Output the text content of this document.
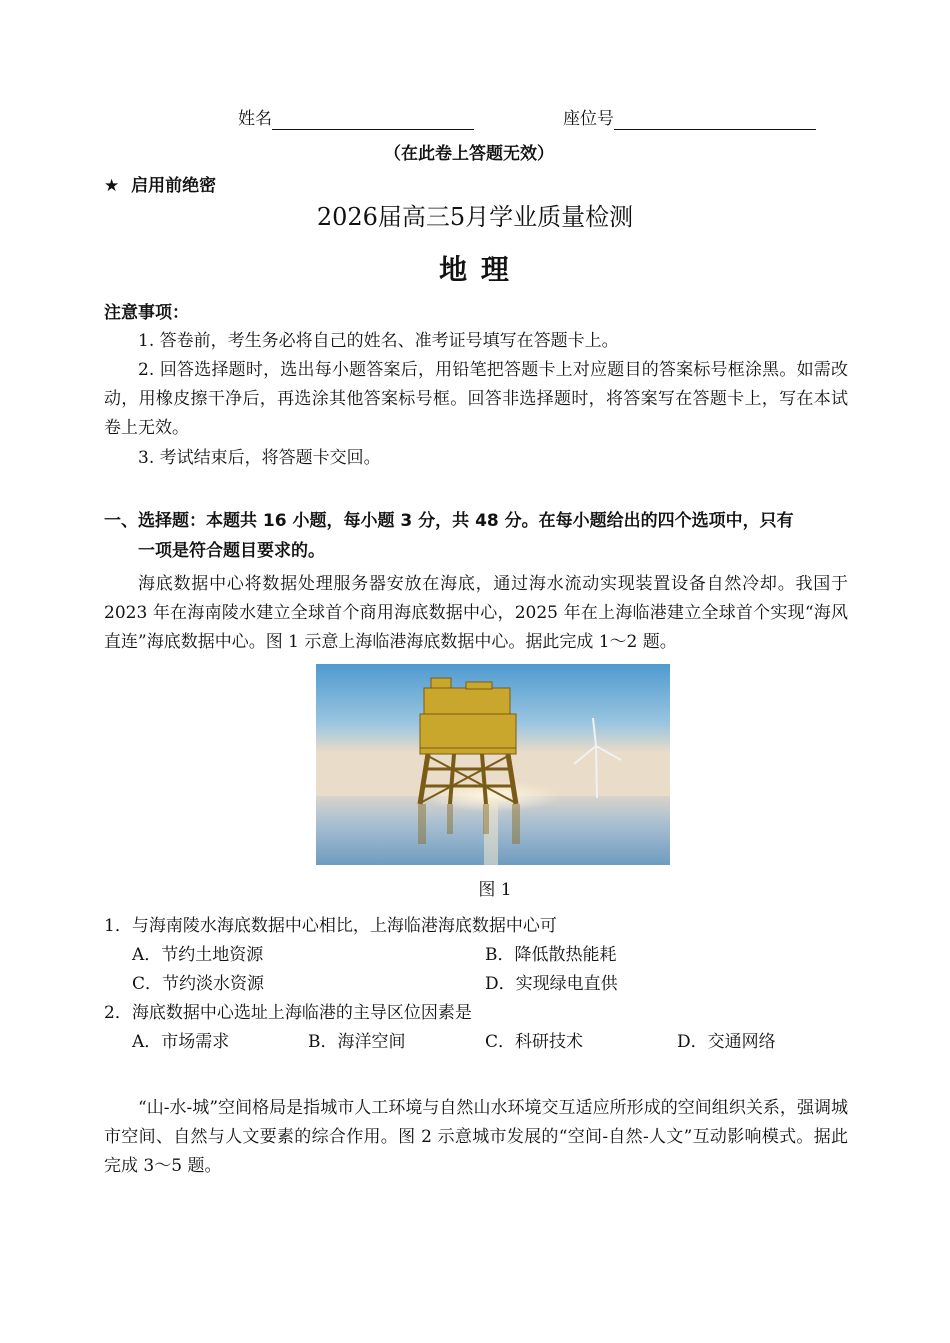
姓名	座位号
（在此卷上答题无效）
★ 启用前绝密
2026届高三5月学业质量检测
地 理
注意事项：
1. 答卷前，考生务必将自己的姓名、准考证号填写在答题卡上。
2. 回答选择题时，选出每小题答案后，用铅笔把答题卡上对应题目的答案标号框涂黑。如需改动，用橡皮擦干净后，再选涂其他答案标号框。回答非选择题时，将答案写在答题卡上，写在本试卷上无效。
3. 考试结束后，将答题卡交回。
一、选择题：本题共 16 小题，每小题 3 分，共 48 分。在每小题给出的四个选项中，只有
一项是符合题目要求的。
海底数据中心将数据处理服务器安放在海底，通过海水流动实现装置设备自然冷却。我国于 2023 年在海南陵水建立全球首个商用海底数据中心，2025 年在上海临港建立全球首个实现“海风直连”海底数据中心。图 1 示意上海临港海底数据中心。据此完成 1～2 题。
图 1
1．与海南陵水海底数据中心相比，上海临港海底数据中心可
A．节约土地资源	B．降低散热能耗
C．节约淡水资源	D．实现绿电直供
2．海底数据中心选址上海临港的主导区位因素是
A．市场需求	B．海洋空间	C．科研技术	D．交通网络
“山-水-城”空间格局是指城市人工环境与自然山水环境交互适应所形成的空间组织关系，强调城市空间、自然与人文要素的综合作用。图 2 示意城市发展的“空间-自然-人文”互动影响模式。据此完成 3～5 题。
